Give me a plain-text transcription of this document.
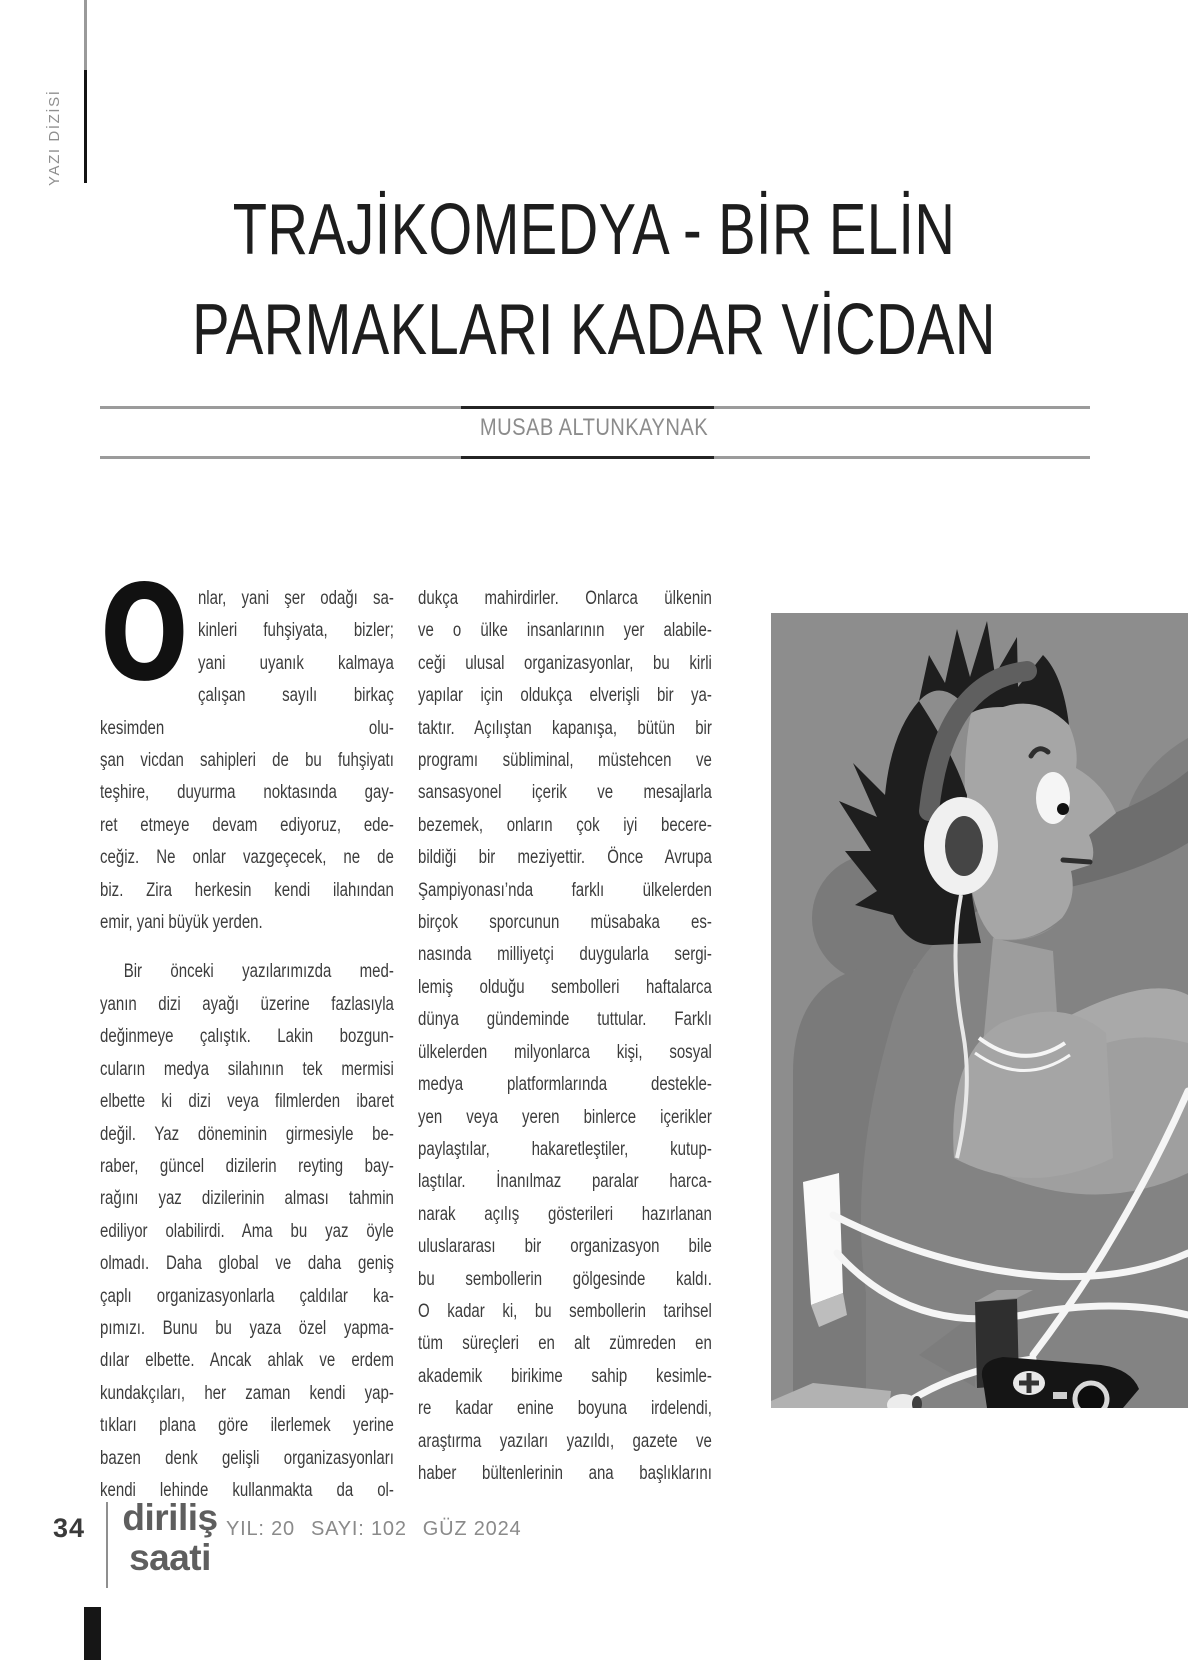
YAZI DİZİSİ
TRAJİKOMEDYA - BİR ELİN
PARMAKLARI KADAR VİCDAN
MUSAB ALTUNKAYNAK
O nlar, yani şer odağı sa-
kinleri fuhşiyata, bizler;
yani uyanık kalmaya
çalışan sayılı birkaç kesimden olu-
şan vicdan sahipleri de bu fuhşiyatı
teşhire, duyurma noktasında gay-
ret etmeye devam ediyoruz, ede-
ceğiz. Ne onlar vazgeçecek, ne de
biz. Zira herkesin kendi ilahından
emir, yani büyük yerden.
Bir önceki yazılarımızda med-
yanın dizi ayağı üzerine fazlasıyla
değinmeye çalıştık. Lakin bozgun-
cuların medya silahının tek mermisi
elbette ki dizi veya filmlerden ibaret
değil. Yaz döneminin girmesiyle be-
raber, güncel dizilerin reyting bay-
rağını yaz dizilerinin alması tahmin
ediliyor olabilirdi. Ama bu yaz öyle
olmadı. Daha global ve daha geniş
çaplı organizasyonlarla çaldılar ka-
pımızı. Bunu bu yaza özel yapma-
dılar elbette. Ancak ahlak ve erdem
kundakçıları, her zaman kendi yap-
tıkları plana göre ilerlemek yerine
bazen denk gelişli organizasyonları
kendi lehinde kullanmakta da ol-
dukça mahirdirler. Onlarca ülkenin
ve o ülke insanlarının yer alabile-
ceği ulusal organizasyonlar, bu kirli
yapılar için oldukça elverişli bir ya-
taktır. Açılıştan kapanışa, bütün bir
programı sübliminal, müstehcen ve
sansasyonel içerik ve mesajlarla
bezemek, onların çok iyi becere-
bildiği bir meziyettir. Önce Avrupa
Şampiyonası’nda farklı ülkelerden
birçok sporcunun müsabaka es-
nasında milliyetçi duygularla sergi-
lemiş olduğu sembolleri haftalarca
dünya gündeminde tuttular. Farklı
ülkelerden milyonlarca kişi, sosyal
medya platformlarında destekle-
yen veya yeren binlerce içerikler
paylaştılar, hakaretleştiler, kutup-
laştılar. İnanılmaz paralar harca-
narak açılış gösterileri hazırlanan
uluslararası bir organizasyon bile
bu sembollerin gölgesinde kaldı.
O kadar ki, bu sembollerin tarihsel
tüm süreçleri en alt zümreden en
akademik birikime sahip kesimle-
re kadar enine boyuna irdelendi,
araştırma yazıları yazıldı, gazete ve
haber bültenlerinin ana başlıklarını
34 diriliş
saati
YIL: 20 SAYI: 102 GÜZ 2024
